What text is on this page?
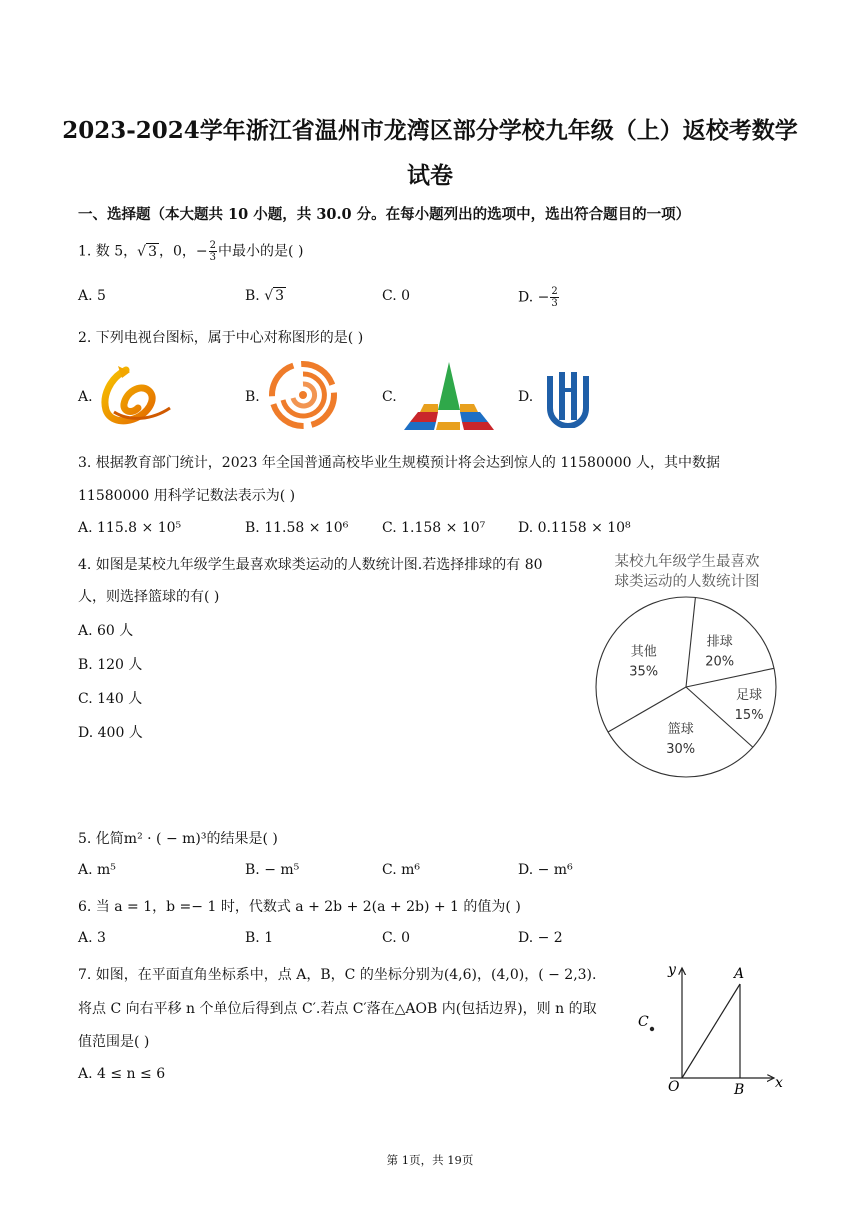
2023-2024学年浙江省温州市龙湾区部分学校九年级（上）返校考数学
试卷
一、选择题（本大题共 10 小题，共 30.0 分。在每小题列出的选项中，选出符合题目的一项）
1. 数 5，√ 3 ，0，− $\frac{2}{3}$ 中最小的是( )
A. 5	B. √ 3	C. 0	D. − $\frac{2}{3}$
2. 下列电视台图标，属于中心对称图形的是( )
A.	B.	C.	D.
3. 根据教育部门统计，2023 年全国普通高校毕业生规模预计将会达到惊人的 11580000 人，其中数据
11580000 用科学记数法表示为( )
A. 115.8 × 10⁵	B. 11.58 × 10⁶ C. 1.158 × 10⁷ D. 0.1158 × 10⁸
4. 如图是某校九年级学生最喜欢球类运动的人数统计图.若选择排球的有 80
人，则选择篮球的有( )
A. 60 人
B. 120 人
C. 140 人
D. 400 人
某校九年级学生最喜欢
球类运动的人数统计图
排球
20%
足球
15%
篮球
30%
其他
35%
5. 化简m² · ( − m)³的结果是( )
A. m⁵	B. − m⁵	C. m⁶	D. − m⁶
6. 当 a = 1，b =− 1 时，代数式 a + 2b + 2(a + 2b) + 1 的值为( )
A. 3	B. 1	C. 0	D. − 2
7. 如图，在平面直角坐标系中，点 A，B，C 的坐标分别为(4,6)，(4,0)，( − 2,3).
将点 C 向右平移 n 个单位后得到点 C′.若点 C′落在△AOB 内(包括边界)，则 n 的取
值范围是( )
A. 4 ≤ n ≤ 6
y
x
A
B
C
O
第 1页，共 19页
